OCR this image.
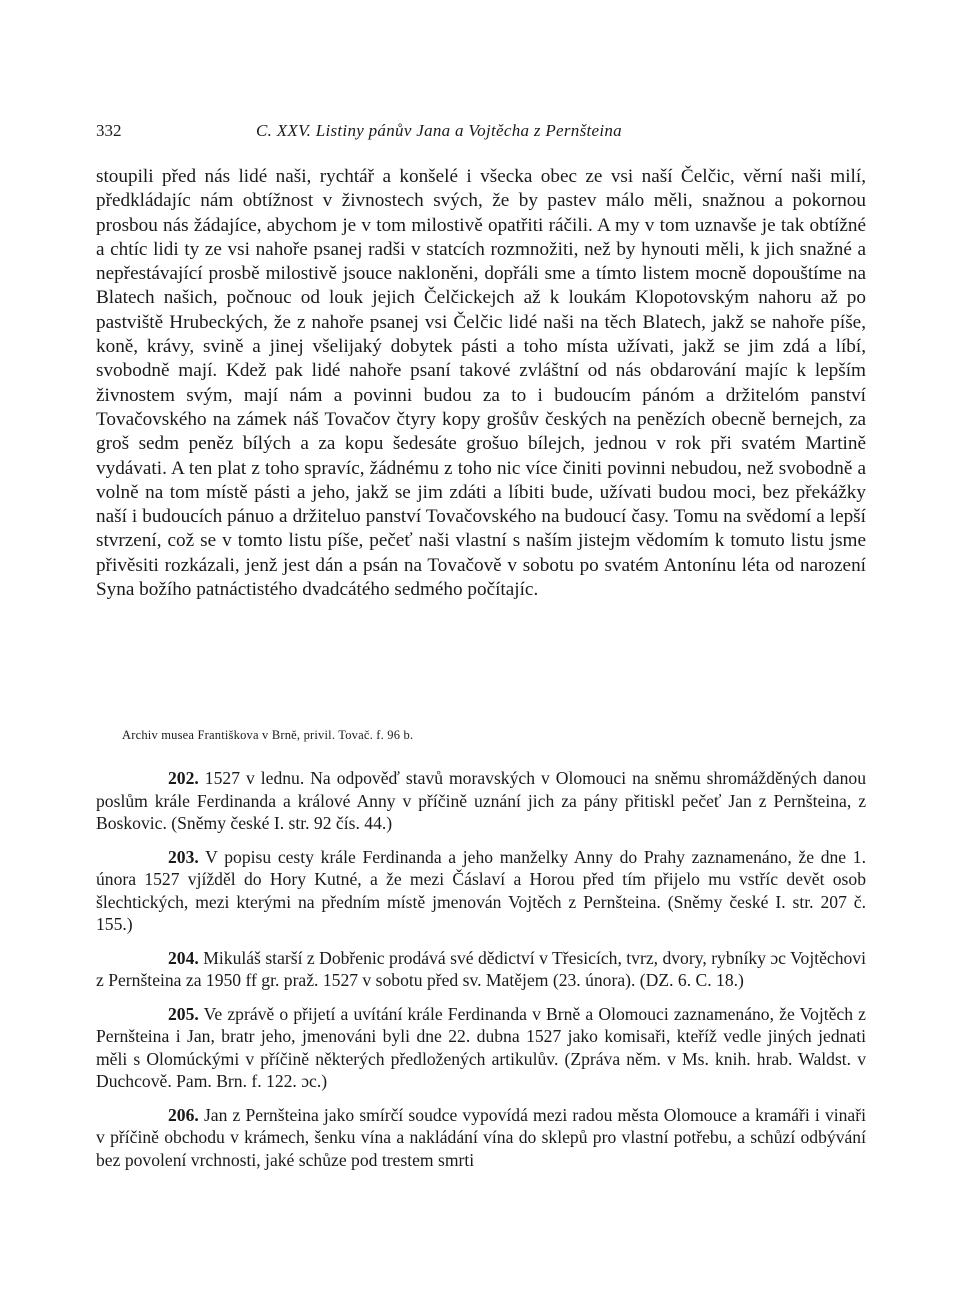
332	C. XXV. Listiny pánův Jana a Vojtěcha z Pernšteina

stoupili před nás lidé naši, rychtář a konšelé i všecka obec ze vsi naší Čelčic, věrní naši milí, předkládajíc nám obtížnost v živnostech svých, že by pastev málo měli, snažnou a pokornou prosbou nás žádajíce, abychom je v tom milostivě opatřiti ráčili. A my v tom uznavše je tak obtížné a chtíc lidi ty ze vsi nahoře psanej radši v statcích rozmnožiti, než by hynouti měli, k jich snažné a nepřestávající prosbě milostivě jsouce nakloněni, dopřáli sme a tímto listem mocně dopouštíme na Blatech našich, počnouc od louk jejich Čelčickejch až k loukám Klopotovským nahoru až po pastviště Hrubeckých, že z nahoře psanej vsi Čelčic lidé naši na těch Blatech, jakž se nahoře píše, koně, krávy, svině a jinej všelijaký dobytek pásti a toho místa užívati, jakž se jim zdá a líbí, svobodně mají. Kdež pak lidé nahoře psaní takové zvláštní od nás obdarování majíc k lepším živnostem svým, mají nám a povinni budou za to i budoucím pánóm a držitelóm panství Tovačovského na zámek náš Tovačov čtyry kopy grošův českých na penězích obecně bernejch, za groš sedm peněz bílých a za kopu šedesáte grošuo bílejch, jednou v rok při svatém Martině vydávati. A ten plat z toho spravíc, žádnému z toho nic více činiti povinni nebudou, než svobodně a volně na tom místě pásti a jeho, jakž se jim zdáti a líbiti bude, užívati budou moci, bez překážky naší i budoucích pánuo a držiteluo panství Tovačovského na budoucí časy. Tomu na svědomí a lepší stvrzení, což se v tomto listu píše, pečeť naši vlastní s naším jistejm vědomím k tomuto listu jsme přivěsiti rozkázali, jenž jest dán a psán na Tovačově v sobotu po svatém Antonínu léta od narození Syna božího patnáctistého dvadcátého sedmého počítajíc.

Archiv musea Františkova v Brně, privil. Tovač. f. 96 b.

202. 1527 v lednu. Na odpověď stavů moravských v Olomouci na sněmu shromážděných danou poslům krále Ferdinanda a králové Anny v příčině uznání jich za pány přitiskl pečeť Jan z Pernšteina, z Boskovic. (Sněmy české I. str. 92 čís. 44.)

203. V popisu cesty krále Ferdinanda a jeho manželky Anny do Prahy zaznamenáno, že dne 1. února 1527 vjížděl do Hory Kutné, a že mezi Čáslaví a Horou před tím přijelo mu vstříc devět osob šlechtických, mezi kterými na předním místě jmenován Vojtěch z Pernšteina. (Sněmy české I. str. 207 č. 155.)

204. Mikuláš starší z Dobřenic prodává své dědictví v Třesicích, tvrz, dvory, rybníky ɔc Vojtěchovi z Pernšteina za 1950 ff gr. praž. 1527 v sobotu před sv. Matějem (23. února). (DZ. 6. C. 18.)

205. Ve zprávě o přijetí a uvítání krále Ferdinanda v Brně a Olomouci zaznamenáno, že Vojtěch z Pernšteina i Jan, bratr jeho, jmenováni byli dne 22. dubna 1527 jako komisaři, kteříž vedle jiných jednati měli s Olomúckými v příčině některých předložených artikulův. (Zpráva něm. v Ms. knih. hrab. Waldst. v Duchcově. Pam. Brn. f. 122. ɔc.)

206. Jan z Pernšteina jako smírčí soudce vypovídá mezi radou města Olomouce a kramáři i vinaři v příčině obchodu v krámech, šenku vína a nakládání vína do sklepů pro vlastní potřebu, a schůzí odbývání bez povolení vrchnosti, jaké schůze pod trestem smrti
